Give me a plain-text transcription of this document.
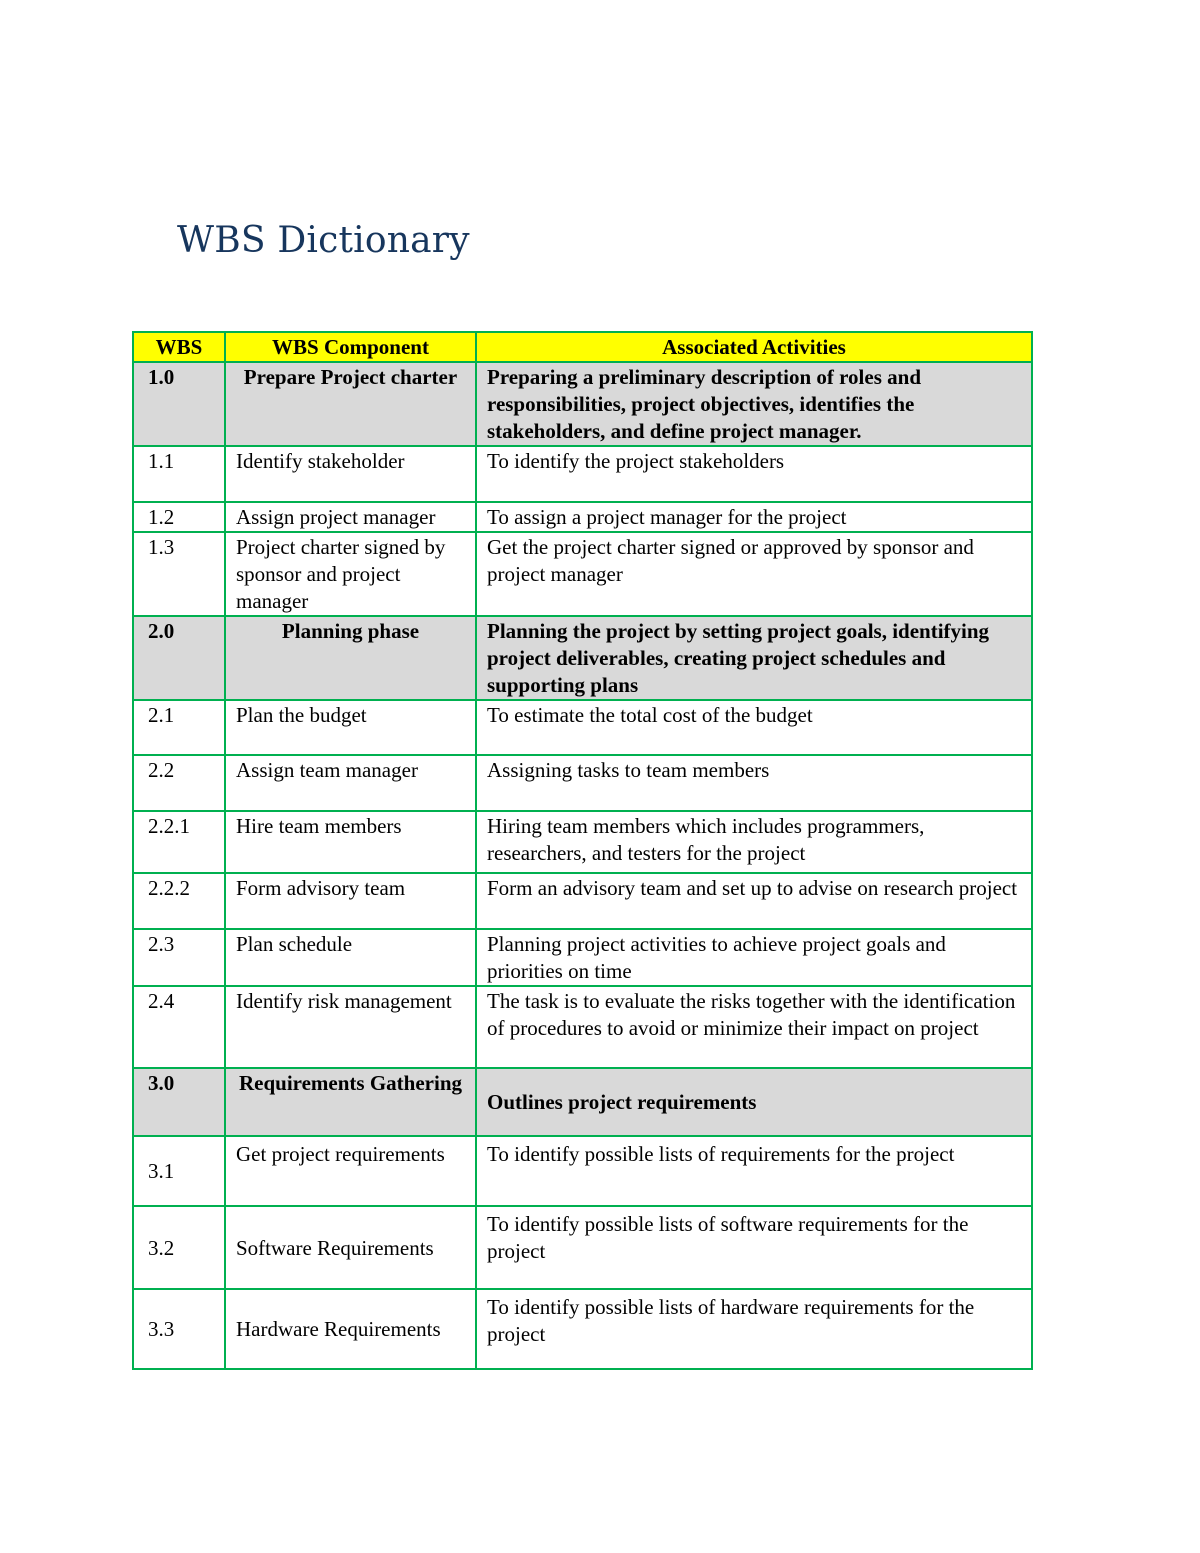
WBS Dictionary
WBS	WBS Component	Associated Activities
1.0	Prepare Project charter	Preparing a preliminary description of roles and responsibilities, project objectives, identifies the stakeholders, and define project manager.
1.1	Identify stakeholder	To identify the project stakeholders
1.2	Assign project manager	To assign a project manager for the project
1.3	Project charter signed by sponsor and project manager	Get the project charter signed or approved by sponsor and project manager
2.0	Planning phase	Planning the project by setting project goals, identifying project deliverables, creating project schedules and supporting plans
2.1	Plan the budget	To estimate the total cost of the budget
2.2	Assign team manager	Assigning tasks to team members
2.2.1	Hire team members	Hiring team members which includes programmers, researchers, and testers for the project
2.2.2	Form advisory team	Form an advisory team and set up to advise on research project
2.3	Plan schedule	Planning project activities to achieve project goals and priorities on time
2.4	Identify risk management	The task is to evaluate the risks together with the identification of procedures to avoid or minimize their impact on project
3.0	Requirements Gathering	Outlines project requirements
3.1	Get project requirements	To identify possible lists of requirements for the project
3.2	Software Requirements	To identify possible lists of software requirements for the project
3.3	Hardware Requirements	To identify possible lists of hardware requirements for the project
